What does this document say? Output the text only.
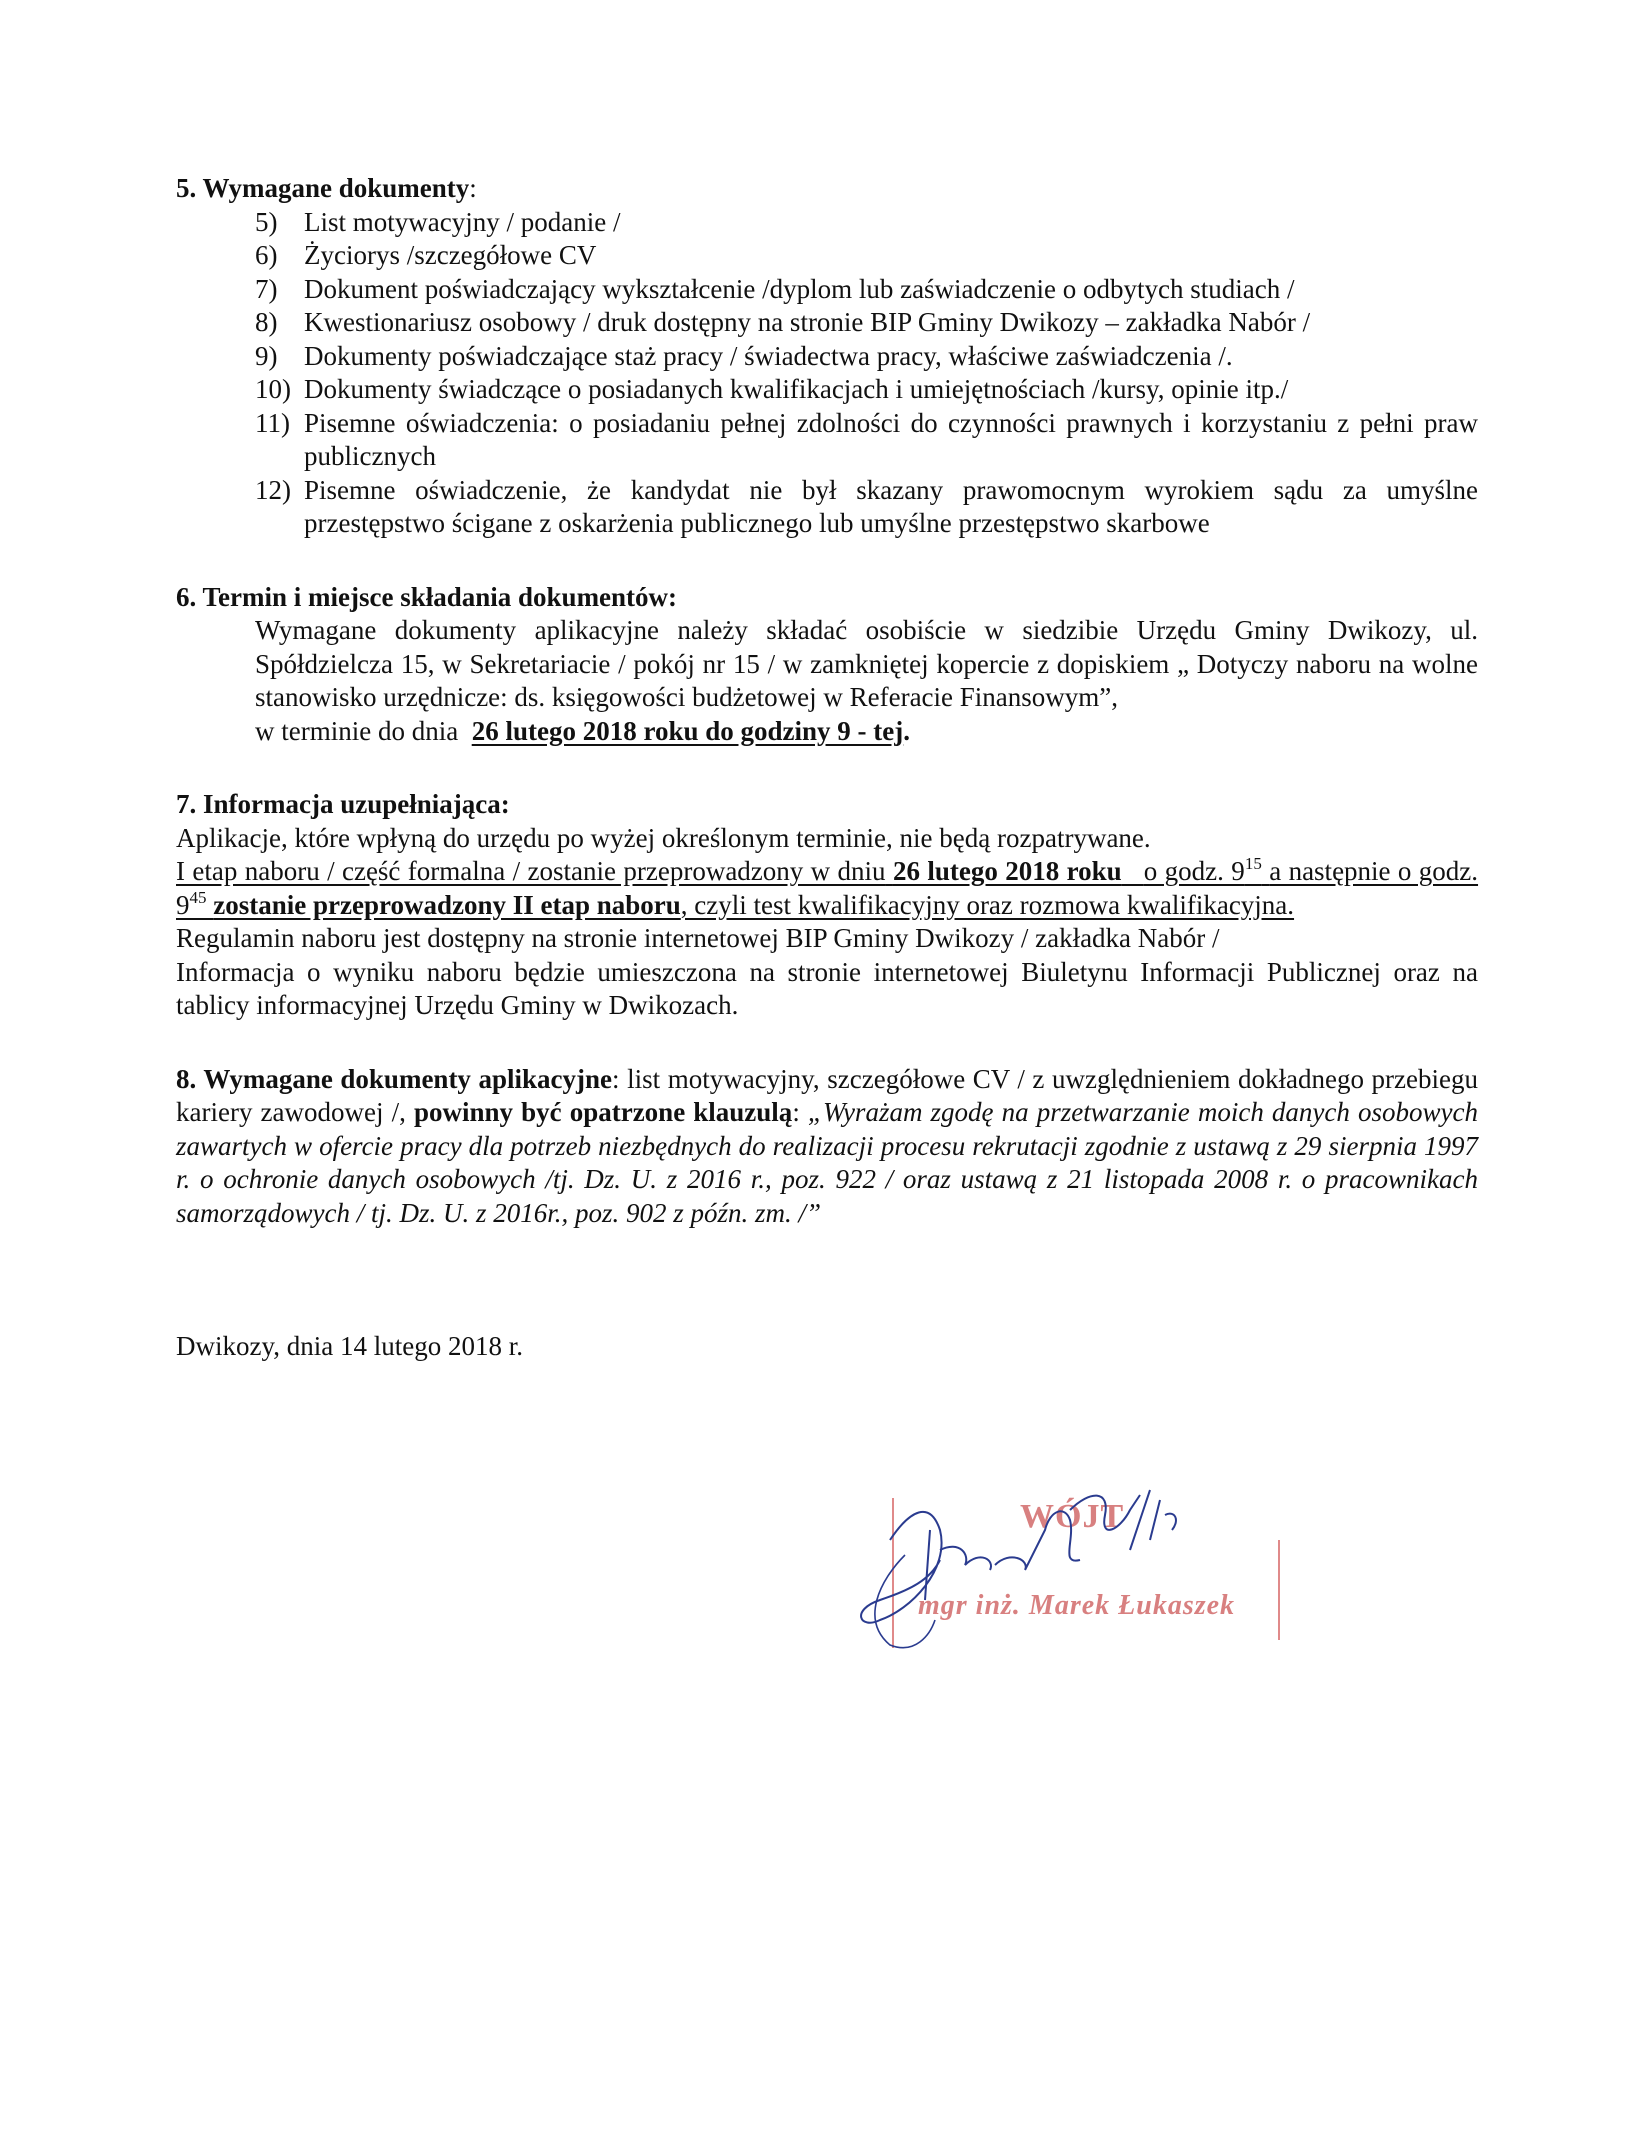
5. Wymagane dokumenty:
5) List motywacyjny / podanie /
6) Życiorys /szczegółowe CV
7) Dokument poświadczający wykształcenie /dyplom lub zaświadczenie o odbytych studiach /
8) Kwestionariusz osobowy / druk dostępny na stronie BIP Gminy Dwikozy – zakładka Nabór /
9) Dokumenty poświadczające staż pracy / świadectwa pracy, właściwe zaświadczenia /.
10) Dokumenty świadczące o posiadanych kwalifikacjach i umiejętnościach /kursy, opinie itp./
11) Pisemne oświadczenia: o posiadaniu pełnej zdolności do czynności prawnych i korzystaniu z pełni praw publicznych
12) Pisemne oświadczenie, że kandydat nie był skazany prawomocnym wyrokiem sądu za umyślne przestępstwo ścigane z oskarżenia publicznego lub umyślne przestępstwo skarbowe
6. Termin i miejsce składania dokumentów:
Wymagane dokumenty aplikacyjne należy składać osobiście w siedzibie Urzędu Gminy Dwikozy, ul. Spółdzielcza 15, w Sekretariacie / pokój nr 15 / w zamkniętej kopercie z dopiskiem „ Dotyczy naboru na wolne stanowisko urzędnicze: ds. księgowości budżetowej w Referacie Finansowym”,
w terminie do dnia 26 lutego 2018 roku do godziny 9 - tej.
7. Informacja uzupełniająca:
Aplikacje, które wpłyną do urzędu po wyżej określonym terminie, nie będą rozpatrywane.
I etap naboru / część formalna / zostanie przeprowadzony w dniu 26 lutego 2018 roku o godz. $9^{15}$ a następnie o godz. $9^{45}$ zostanie przeprowadzony II etap naboru, czyli test kwalifikacyjny oraz rozmowa kwalifikacyjna.
Regulamin naboru jest dostępny na stronie internetowej BIP Gminy Dwikozy / zakładka Nabór /
Informacja o wyniku naboru będzie umieszczona na stronie internetowej Biuletynu Informacji Publicznej oraz na tablicy informacyjnej Urzędu Gminy w Dwikozach.
8. Wymagane dokumenty aplikacyjne: list motywacyjny, szczegółowe CV / z uwzględnieniem dokładnego przebiegu kariery zawodowej /, powinny być opatrzone klauzulą: „Wyrażam zgodę na przetwarzanie moich danych osobowych zawartych w ofercie pracy dla potrzeb niezbędnych do realizacji procesu rekrutacji zgodnie z ustawą z 29 sierpnia 1997 r. o ochronie danych osobowych /tj. Dz. U. z 2016 r., poz. 922 / oraz ustawą z 21 listopada 2008 r. o pracownikach samorządowych / tj. Dz. U. z 2016r., poz. 902 z późn. zm. /”
Dwikozy, dnia 14 lutego 2018 r.
WÓJT
mgr inż. Marek Łukaszek
